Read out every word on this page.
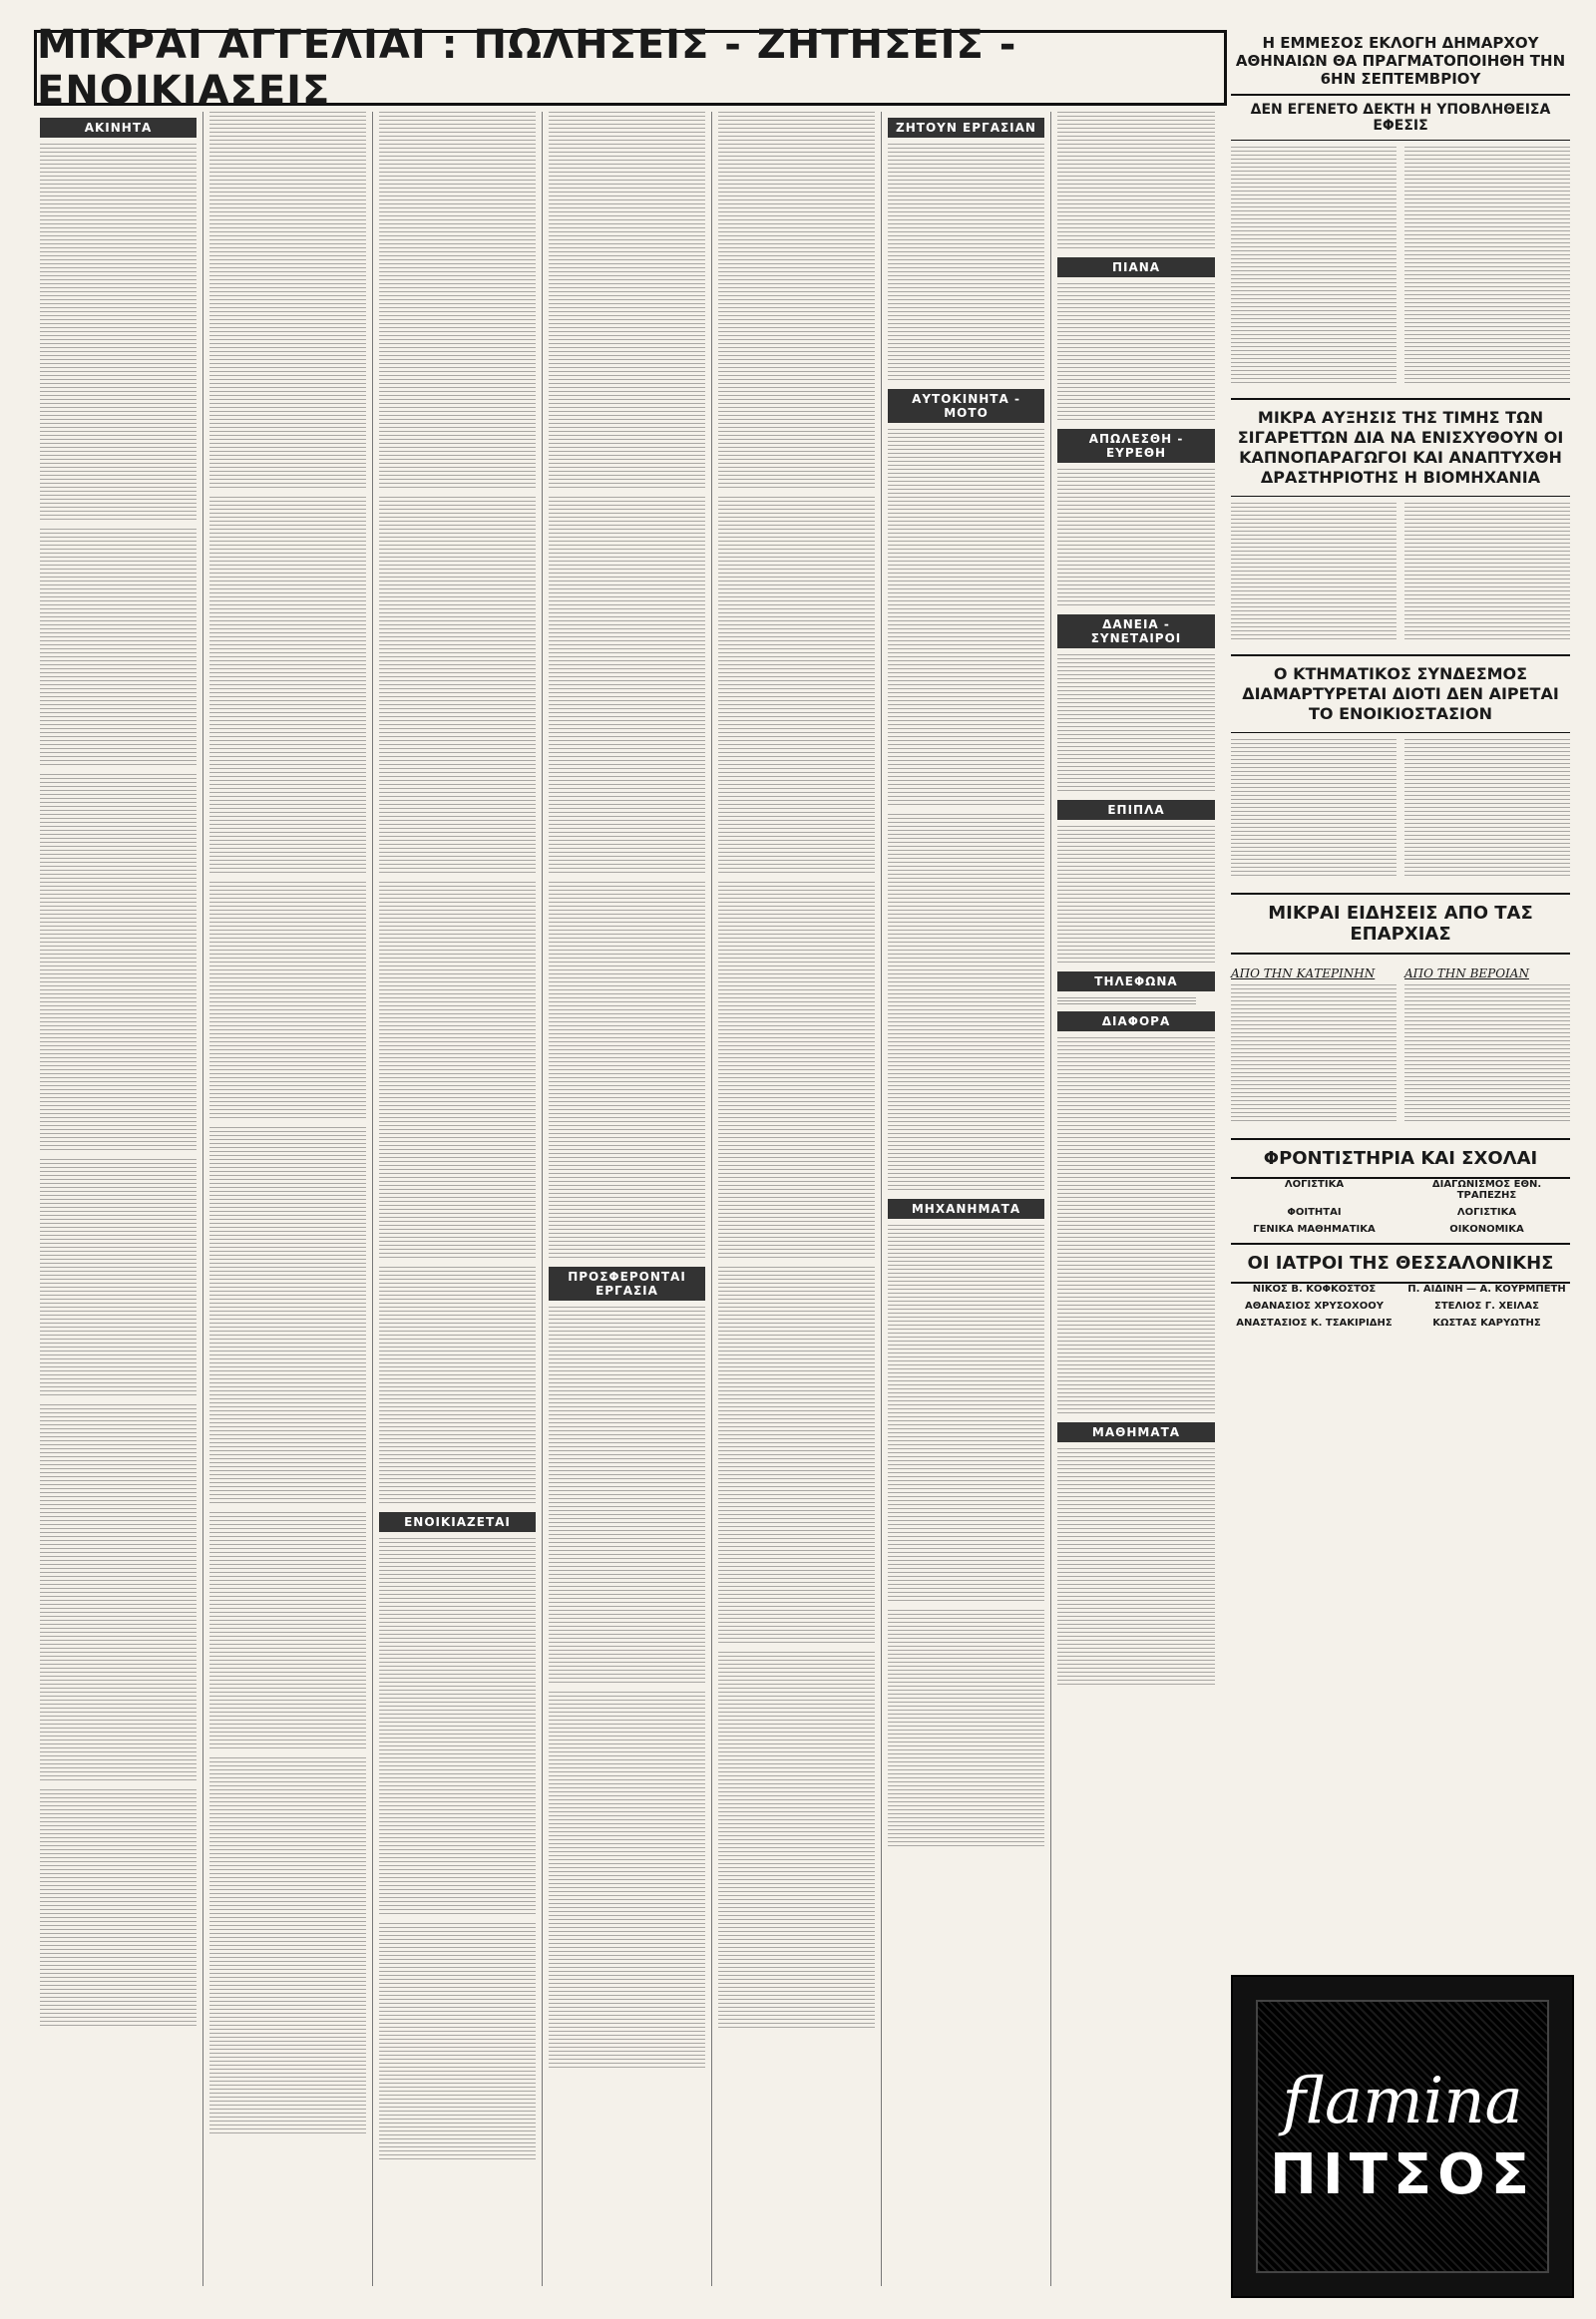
ΜΙΚΡΑΙ ΑΓΓΕΛΙΑΙ : ΠΩΛΗΣΕΙΣ - ΖΗΤΗΣΕΙΣ - ΕΝΟΙΚΙΑΣΕΙΣ
ΑΚΙΝΗΤΑ
ΕΝΟΙΚΙΑΖΕΤΑΙ
ΠΡΟΣΦΕΡΟΝΤΑΙ ΕΡΓΑΣΙΑ
ΖΗΤΟΥΝ ΕΡΓΑΣΙΑΝ
ΑΥΤΟΚΙΝΗΤΑ - ΜΟΤΟ
ΜΗΧΑΝΗΜΑΤΑ
ΠΙΑΝΑ
ΑΠΩΛΕΣΘΗ - ΕΥΡΕΘΗ
ΔΑΝΕΙΑ - ΣΥΝΕΤΑΙΡΟΙ
ΕΠΙΠΛΑ
ΤΗΛΕΦΩΝΑ
ΔΙΑΦΟΡΑ
ΜΑΘΗΜΑΤΑ
Η ΕΜΜΕΣΟΣ ΕΚΛΟΓΗ ΔΗΜΑΡΧΟΥ ΑΘΗΝΑΙΩΝ ΘΑ ΠΡΑΓΜΑΤΟΠΟΙΗΘΗ ΤΗΝ 6ΗΝ ΣΕΠΤΕΜΒΡΙΟΥ
ΔΕΝ ΕΓΕΝΕΤΟ ΔΕΚΤΗ Η ΥΠΟΒΛΗΘΕΙΣΑ ΕΦΕΣΙΣ
ΜΙΚΡΑ ΑΥΞΗΣΙΣ ΤΗΣ ΤΙΜΗΣ ΤΩΝ ΣΙΓΑΡΕΤΤΩΝ ΔΙΑ ΝΑ ΕΝΙΣΧΥΘΟΥΝ ΟΙ ΚΑΠΝΟΠΑΡΑΓΩΓΟΙ ΚΑΙ ΑΝΑΠΤΥΧΘΗ ΔΡΑΣΤΗΡΙΟΤΗΣ Η ΒΙΟΜΗΧΑΝΙΑ
Ο ΚΤΗΜΑΤΙΚΟΣ ΣΥΝΔΕΣΜΟΣ ΔΙΑΜΑΡΤΥΡΕΤΑΙ ΔΙΟΤΙ ΔΕΝ ΑΙΡΕΤΑΙ ΤΟ ΕΝΟΙΚΙΟΣΤΑΣΙΟΝ
ΜΙΚΡΑΙ ΕΙΔΗΣΕΙΣ ΑΠΟ ΤΑΣ ΕΠΑΡΧΙΑΣ
ΑΠΟ ΤΗΝ ΚΑΤΕΡΙΝΗΝ	ΑΠΟ ΤΗΝ ΒΕΡΟΙΑΝ
ΦΡΟΝΤΙΣΤΗΡΙΑ ΚΑΙ ΣΧΟΛΑΙ
ΛΟΓΙΣΤΙΚΑ	ΔΙΑΓΩΝΙΣΜΟΣ ΕΘΝ. ΤΡΑΠΕΖΗΣ
ΦΟΙΤΗΤΑΙ	ΛΟΓΙΣΤΙΚΑ
ΓΕΝΙΚΑ ΜΑΘΗΜΑΤΙΚΑ	ΟΙΚΟΝΟΜΙΚΑ
ΟΙ ΙΑΤΡΟΙ ΤΗΣ ΘΕΣΣΑΛΟΝΙΚΗΣ
ΝΙΚΟΣ Β. ΚΟΦΚΟΣΤΟΣ	Π. ΑΙΔΙΝΗ — Α. ΚΟΥΡΜΠΕΤΗ
ΑΘΑΝΑΣΙΟΣ ΧΡΥΣΟΧΟΟΥ	ΣΤΕΛΙΟΣ Γ. ΧΕΙΛΑΣ
ΑΝΑΣΤΑΣΙΟΣ Κ. ΤΣΑΚΙΡΙΔΗΣ	ΚΩΣΤΑΣ ΚΑΡΥΩΤΗΣ
flamina
ΠΙΤΣΟΣ
